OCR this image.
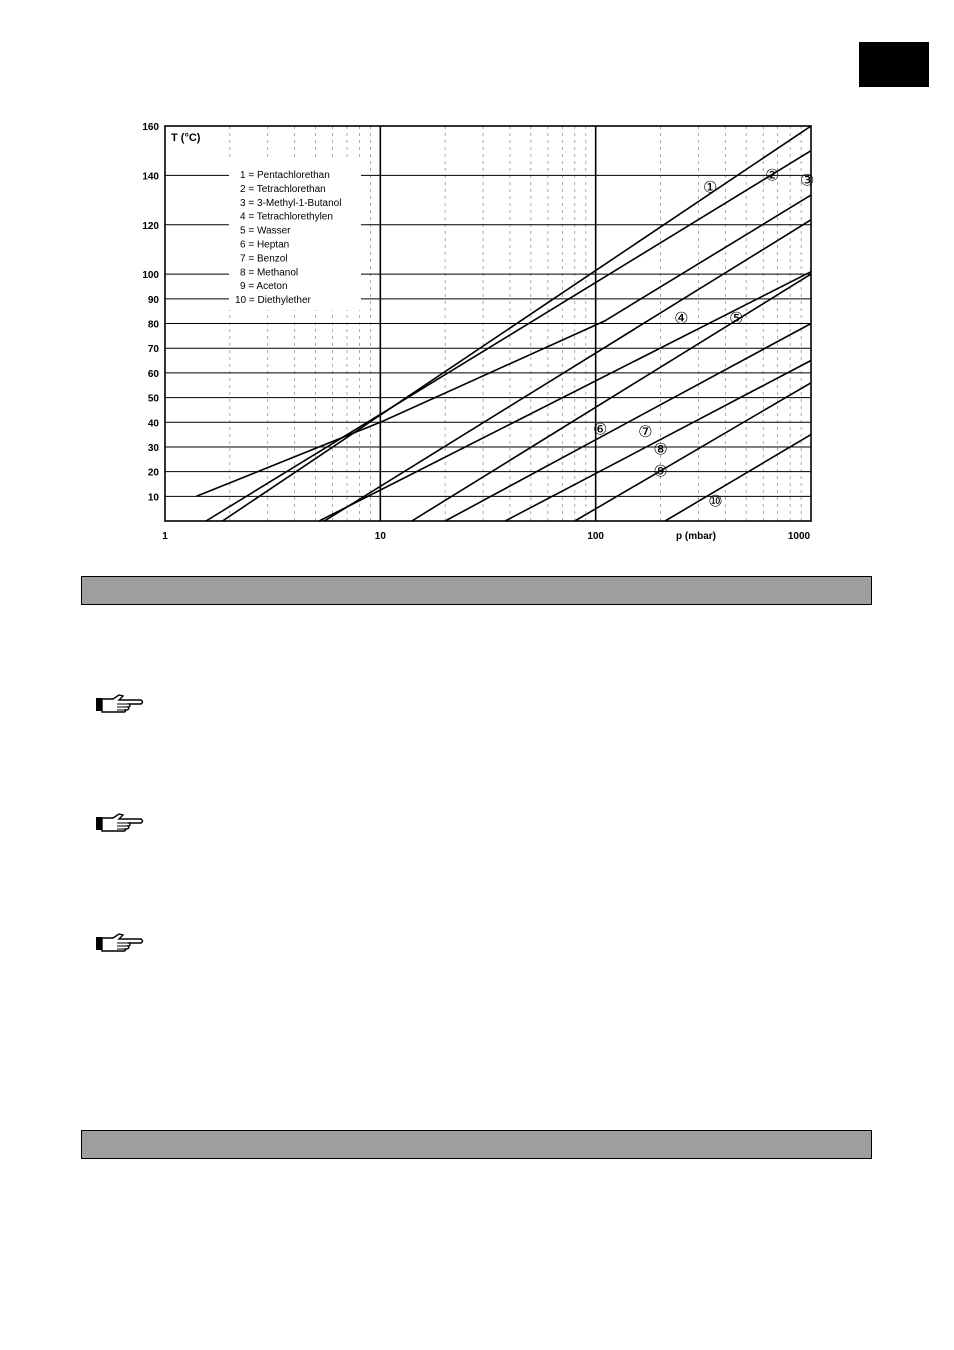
10
20
30
40
50
60
70
80
90
100
120
140
160
1	10	100	1000
1 = Pentachlorethan
2 = Tetrachlorethan
3 = 3-Methyl-1-Butanol
4 = Tetrachlorethylen
5 = Wasser
6 = Heptan
7 = Benzol
8 = Methanol
9 = Aceton
10 = Diethylether
①
② ③
④	⑤
⑥ ⑦
⑧
⑨
⑩
T (°C)
p (mbar)
